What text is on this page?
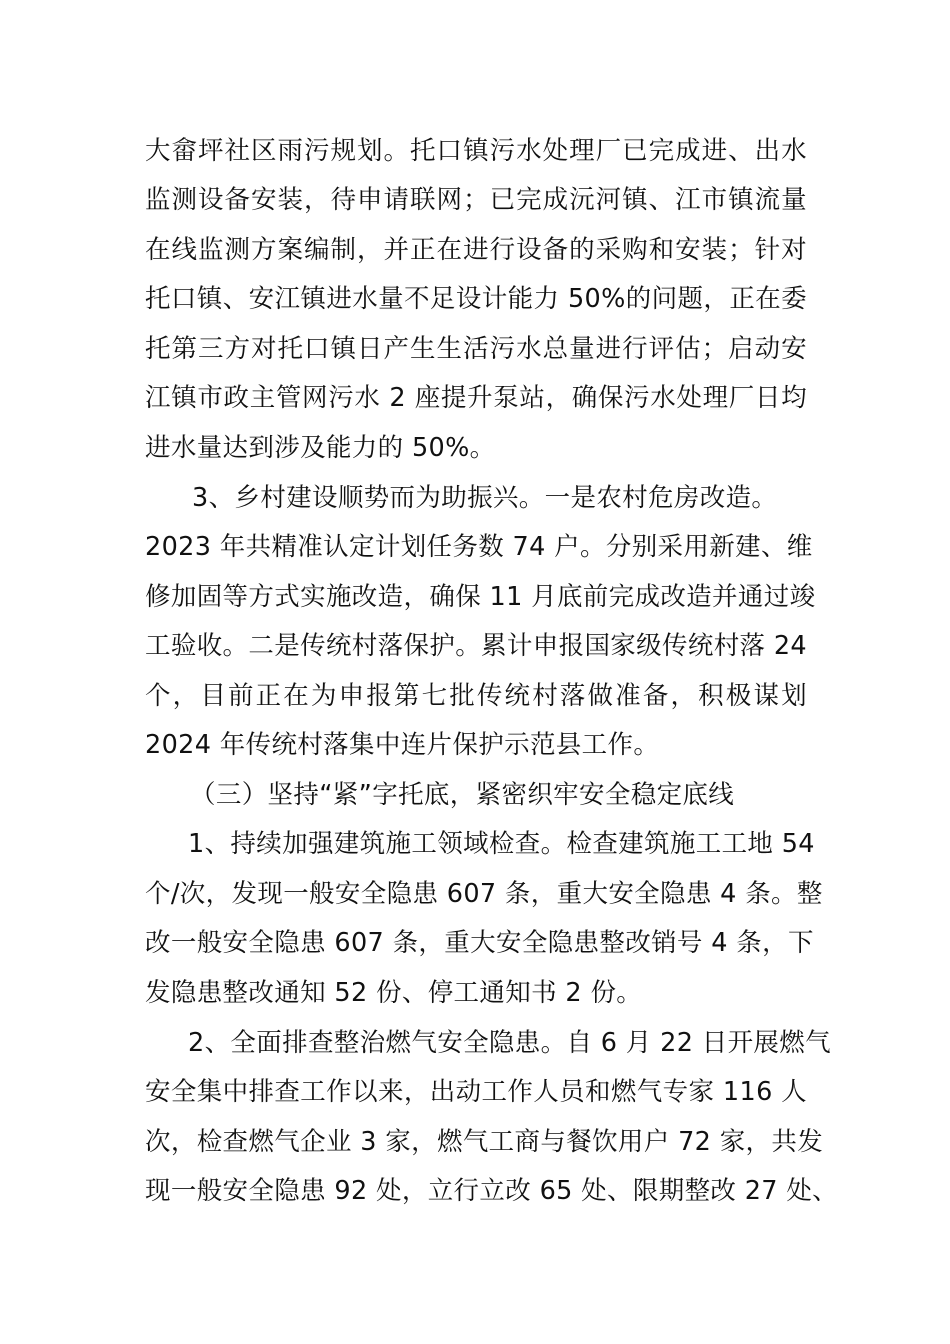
大畲坪社区雨污规划。托口镇污水处理厂已完成进、出水

监测设备安装，待申请联网；已完成沅河镇、江市镇流量

在线监测方案编制，并正在进行设备的采购和安装；针对

托口镇、安江镇进水量不足设计能力 50%的问题，正在委

托第三方对托口镇日产生生活污水总量进行评估；启动安

江镇市政主管网污水 2 座提升泵站，确保污水处理厂日均

进水量达到涉及能力的 50%。

3、乡村建设顺势而为助振兴。一是农村危房改造。

2023 年共精准认定计划任务数 74 户。分别采用新建、维

修加固等方式实施改造，确保 11 月底前完成改造并通过竣

工验收。二是传统村落保护。累计申报国家级传统村落 24

个，目前正在为申报第七批传统村落做准备，积极谋划

2024 年传统村落集中连片保护示范县工作。

（三）坚持“紧”字托底，紧密织牢安全稳定底线

1、持续加强建筑施工领域检查。检查建筑施工工地 54

个/次，发现一般安全隐患 607 条，重大安全隐患 4 条。整

改一般安全隐患 607 条，重大安全隐患整改销号 4 条，下

发隐患整改通知 52 份、停工通知书 2 份。

2、全面排查整治燃气安全隐患。自 6 月 22 日开展燃气

安全集中排查工作以来，出动工作人员和燃气专家 116 人

次，检查燃气企业 3 家，燃气工商与餐饮用户 72 家，共发

现一般安全隐患 92 处，立行立改 65 处、限期整改 27 处、
